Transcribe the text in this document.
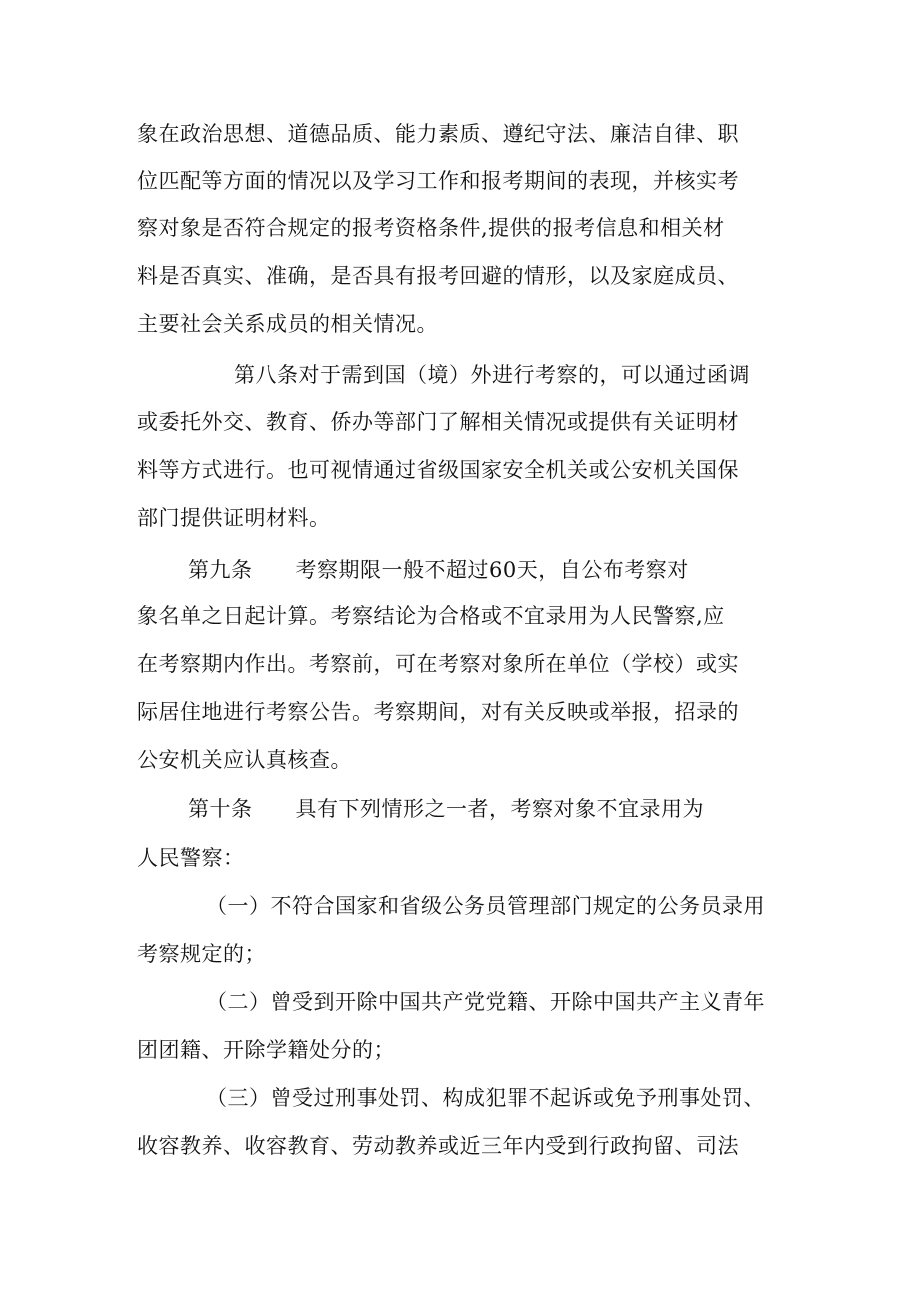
象在政治思想、道德品质、能力素质、遵纪守法、廉洁自律、职
位匹配等方面的情况以及学习工作和报考期间的表现，并核实考
察对象是否符合规定的报考资格条件,提供的报考信息和相关材
料是否真实、准确，是否具有报考回避的情形，以及家庭成员、
主要社会关系成员的相关情况。
第八条对于需到国（境）外进行考察的，可以通过函调
或委托外交、教育、侨办等部门了解相关情况或提供有关证明材
料等方式进行。也可视情通过省级国家安全机关或公安机关国保
部门提供证明材料。
第九条　　考察期限一般不超过60天，自公布考察对
象名单之日起计算。考察结论为合格或不宜录用为人民警察,应
在考察期内作出。考察前，可在考察对象所在单位（学校）或实
际居住地进行考察公告。考察期间，对有关反映或举报，招录的
公安机关应认真核查。
第十条　　具有下列情形之一者，考察对象不宜录用为
人民警察：
（一）不符合国家和省级公务员管理部门规定的公务员录用
考察规定的；
（二）曾受到开除中国共产党党籍、开除中国共产主义青年
团团籍、开除学籍处分的；
（三）曾受过刑事处罚、构成犯罪不起诉或免予刑事处罚、
收容教养、收容教育、劳动教养或近三年内受到行政拘留、司法
